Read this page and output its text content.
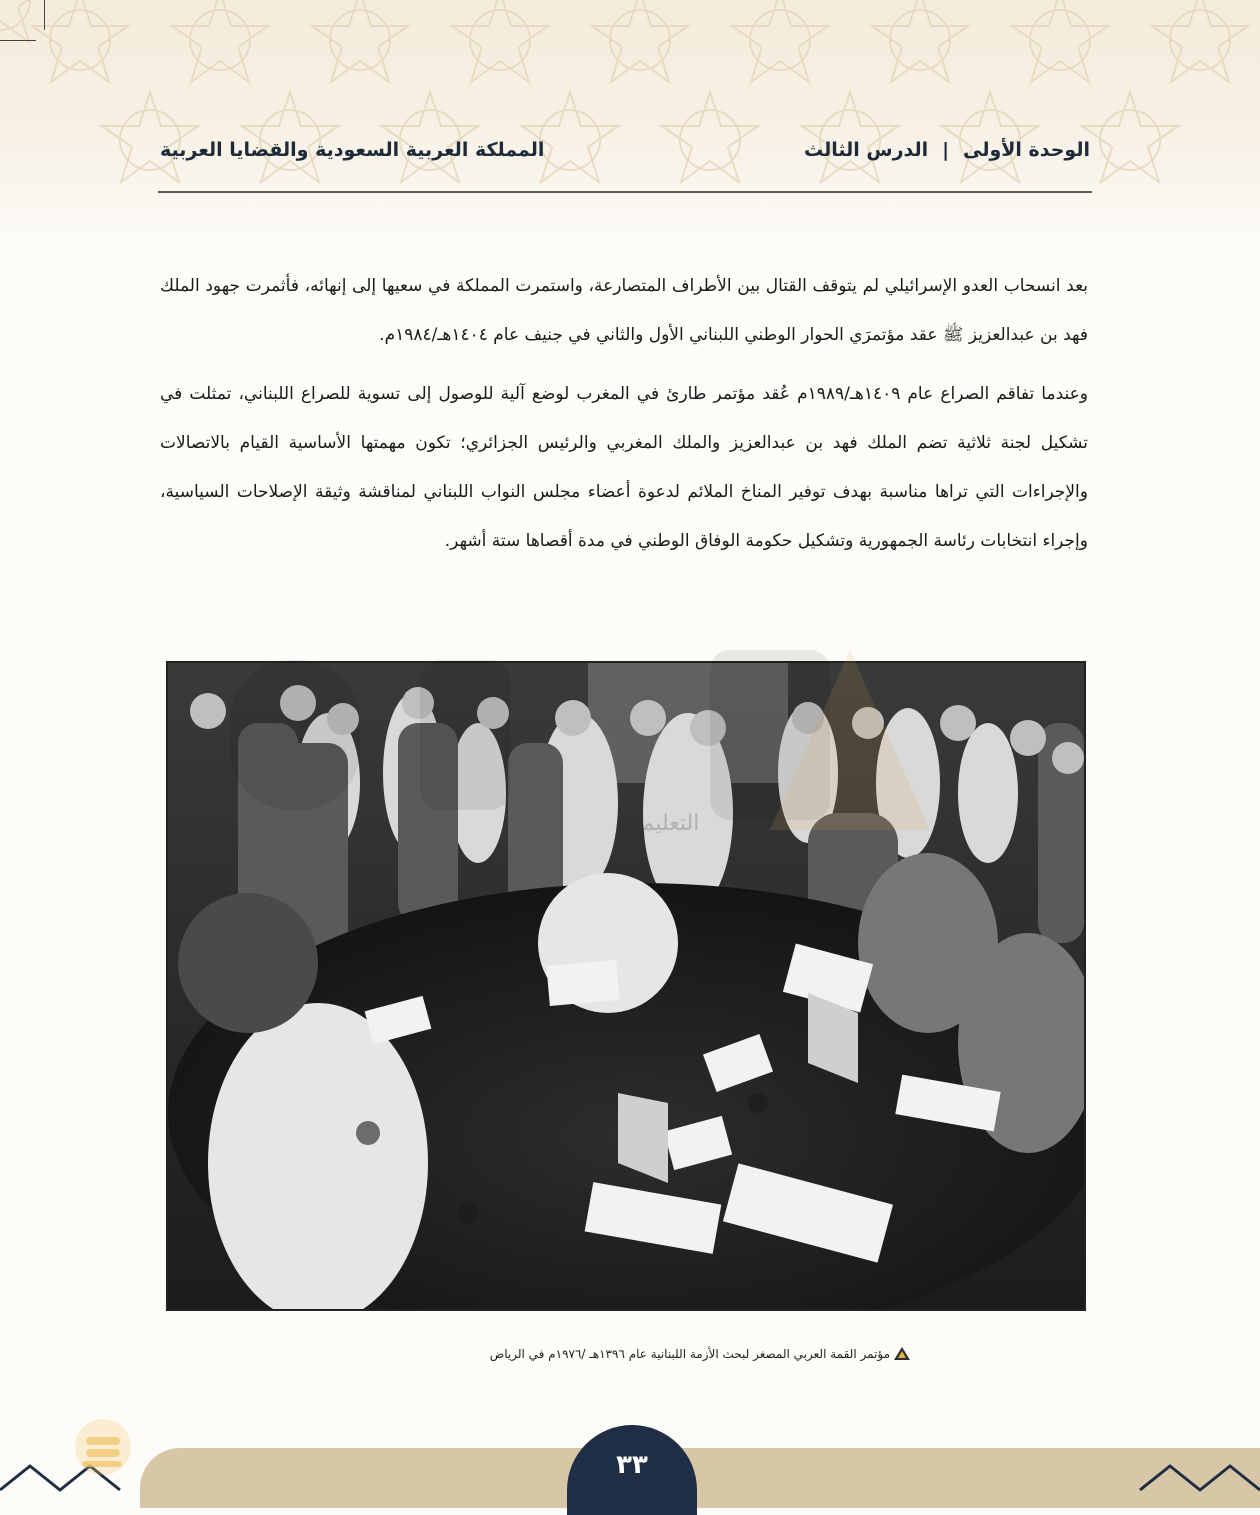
الوحدة الأولى|الدرس الثالث
المملكة العربية السعودية والقضايا العربية

بعد انسحاب العدو الإسرائيلي لم يتوقف القتال بين الأطراف المتصارعة، واستمرت المملكة في سعيها إلى إنهائه، فأثمرت جهود الملك فهد بن عبدالعزيز ﷺ عقد مؤتمرَي الحوار الوطني اللبناني الأول والثاني في جنيف عام ١٤٠٤هـ/١٩٨٤م.

وعندما تفاقم الصراع عام ١٤٠٩هـ/١٩٨٩م عُقد مؤتمر طارئ في المغرب لوضع آلية للوصول إلى تسوية للصراع اللبناني، تمثلت في تشكيل لجنة ثلاثية تضم الملك فهد بن عبدالعزيز والملك المغربي والرئيس الجزائري؛ تكون مهمتها الأساسية القيام بالاتصالات والإجراءات التي تراها مناسبة بهدف توفير المناخ الملائم لدعوة أعضاء مجلس النواب اللبناني لمناقشة وثيقة الإصلاحات السياسية، وإجراء انتخابات رئاسة الجمهورية وتشكيل حكومة الوفاق الوطني في مدة أقصاها ستة أشهر.

مؤتمر القمة العربي المصغر لبحث الأزمة اللبنانية عام ١٣٩٦هـ /١٩٧٦م في الرياض
٣٣
